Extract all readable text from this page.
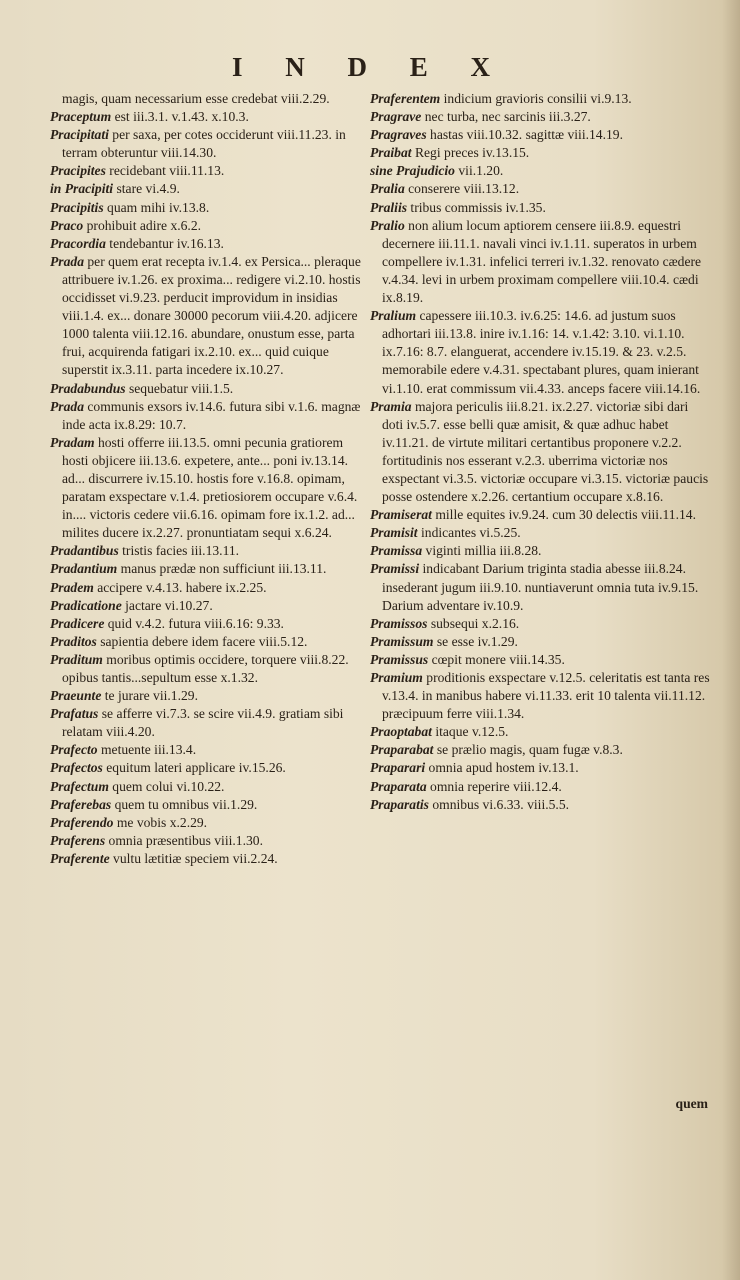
I N D E X

magis, quam necessarium esse credebat viii.2.29.

Praceptum est iii.3.1. v.1.43. x.10.3.

Pracipitati per saxa, per cotes occiderunt viii.11.23. in terram obteruntur viii.14.30.

Pracipites recidebant viii.11.13.

in Pracipiti stare vi.4.9.

Pracipitis quam mihi iv.13.8.

Praco prohibuit adire x.6.2.

Pracordia tendebantur iv.16.13.

Prada per quem erat recepta iv.1.4. ex Persica... pleraque attribuere iv.1.26. ex proxima... redigere vi.2.10. hostis occidisset vi.9.23. perducit improvidum in insidias viii.1.4. ex... donare 30000 pecorum viii.4.20. adjicere 1000 talenta viii.12.16. abundare, onustum esse, parta frui, acquirenda fatigari ix.2.10. ex... quid cuique superstit ix.3.11. parta incedere ix.10.27.

Pradabundus sequebatur viii.1.5.

Prada communis exsors iv.14.6. futura sibi v.1.6. magnæ inde acta ix.8.29: 10.7.

Pradam hosti offerre iii.13.5. omni pecunia gratiorem hosti objicere iii.13.6. expetere, ante... poni iv.13.14. ad... discurrere iv.15.10. hostis fore v.16.8. opimam, paratam exspectare v.1.4. pretiosiorem occupare v.6.4. in.... victoris cedere vii.6.16. opimam fore ix.1.2. ad... milites ducere ix.2.27. pronuntiatam sequi x.6.24.

Pradantibus tristis facies iii.13.11.

Pradantium manus prædæ non sufficiunt iii.13.11.

Pradem accipere v.4.13. habere ix.2.25.

Pradicatione jactare vi.10.27.

Pradicere quid v.4.2. futura viii.6.16: 9.33.

Praditos sapientia debere idem facere viii.5.12.

Praditum moribus optimis occidere, torquere viii.8.22. opibus tantis...sepultum esse x.1.32.

Praeunte te jurare vii.1.29.

Prafatus se afferre vi.7.3. se scire vii.4.9. gratiam sibi relatam viii.4.20.

Prafecto metuente iii.13.4.

Prafectos equitum lateri applicare iv.15.26.

Prafectum quem colui vi.10.22.

Praferebas quem tu omnibus vii.1.29.

Praferendo me vobis x.2.29.

Praferens omnia præsentibus viii.1.30.

Praferente vultu lætitiæ speciem vii.2.24.

Praferentem indicium gravioris consilii vi.9.13.

Pragrave nec turba, nec sarcinis iii.3.27.

Pragraves hastas viii.10.32. sagittæ viii.14.19.

Praibat Regi preces iv.13.15.

sine Prajudicio vii.1.20.

Pralia conserere viii.13.12.

Praliis tribus commissis iv.1.35.

Pralio non alium locum aptiorem censere iii.8.9. equestri decernere iii.11.1. navali vinci iv.1.11. superatos in urbem compellere iv.1.31. infelici terreri iv.1.32. renovato cædere v.4.34. levi in urbem proximam compellere viii.10.4. cædi ix.8.19.

Pralium capessere iii.10.3. iv.6.25: 14.6. ad justum suos adhortari iii.13.8. inire iv.1.16: 14. v.1.42: 3.10. vi.1.10. ix.7.16: 8.7. elanguerat, accendere iv.15.19. & 23. v.2.5. memorabile edere v.4.31. spectabant plures, quam inierant vi.1.10. erat commissum vii.4.33. anceps facere viii.14.16.

Pramia majora periculis iii.8.21. ix.2.27. victoriæ sibi dari doti iv.5.7. esse belli quæ amisit, & quæ adhuc habet iv.11.21. de virtute militari certantibus proponere v.2.2. fortitudinis nos esserant v.2.3. uberrima victoriæ nos exspectant vi.3.5. victoriæ occupare vi.3.15. victoriæ paucis posse ostendere x.2.26. certantium occupare x.8.16.

Pramiserat mille equites iv.9.24. cum 30 delectis viii.11.14.

Pramisit indicantes vi.5.25.

Pramissa viginti millia iii.8.28.

Pramissi indicabant Darium triginta stadia abesse iii.8.24. insederant jugum iii.9.10. nuntiaverunt omnia tuta iv.9.15. Darium adventare iv.10.9.

Pramissos subsequi x.2.16.

Pramissum se esse iv.1.29.

Pramissus cœpit monere viii.14.35.

Pramium proditionis exspectare v.12.5. celeritatis est tanta res v.13.4. in manibus habere vi.11.33. erit 10 talenta vii.11.12. præcipuum ferre viii.1.34.

Praoptabat itaque v.12.5.

Praparabat se prælio magis, quam fugæ v.8.3.

Praparari omnia apud hostem iv.13.1.

Praparata omnia reperire viii.12.4.

Praparatis omnibus vi.6.33. viii.5.5.

quem
